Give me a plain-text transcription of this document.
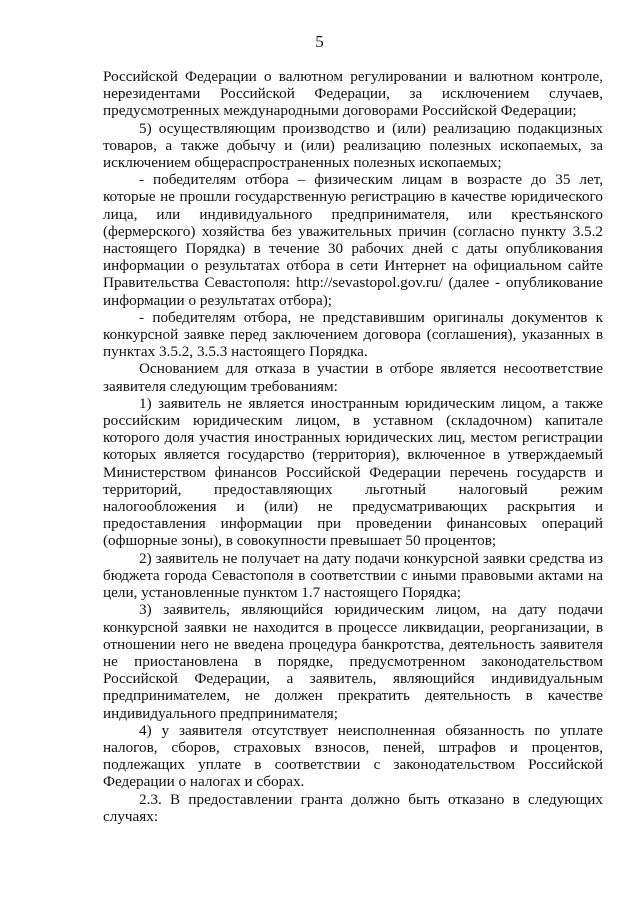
5

Российской Федерации о валютном регулировании и валютном контроле, нерезидентами Российской Федерации, за исключением случаев, предусмотренных международными договорами Российской Федерации;

5) осуществляющим производство и (или) реализацию подакцизных товаров, а также добычу и (или) реализацию полезных ископаемых, за исключением общераспространенных полезных ископаемых;

- победителям отбора – физическим лицам в возрасте до 35 лет, которые не прошли государственную регистрацию в качестве юридического лица, или индивидуального предпринимателя, или крестьянского (фермерского) хозяйства без уважительных причин (согласно пункту 3.5.2 настоящего Порядка) в течение 30 рабочих дней с даты опубликования информации о результатах отбора в сети Интернет на официальном сайте Правительства Севастополя: http://sevastopol.gov.ru/ (далее - опубликование информации о результатах отбора);

- победителям отбора, не представившим оригиналы документов к конкурсной заявке перед заключением договора (соглашения), указанных в пунктах 3.5.2, 3.5.3 настоящего Порядка.

Основанием для отказа в участии в отборе является несоответствие заявителя следующим требованиям:

1) заявитель не является иностранным юридическим лицом, а также российским юридическим лицом, в уставном (складочном) капитале которого доля участия иностранных юридических лиц, местом регистрации которых является государство (территория), включенное в утверждаемый Министерством финансов Российской Федерации перечень государств и территорий, предоставляющих льготный налоговый режим налогообложения и (или) не предусматривающих раскрытия и предоставления информации при проведении финансовых операций (офшорные зоны), в совокупности превышает 50 процентов;

2) заявитель не получает на дату подачи конкурсной заявки средства из бюджета города Севастополя в соответствии с иными правовыми актами на цели, установленные пунктом 1.7 настоящего Порядка;

3) заявитель, являющийся юридическим лицом, на дату подачи конкурсной заявки не находится в процессе ликвидации, реорганизации, в отношении него не введена процедура банкротства, деятельность заявителя не приостановлена в порядке, предусмотренном законодательством Российской Федерации, а заявитель, являющийся индивидуальным предпринимателем, не должен прекратить деятельность в качестве индивидуального предпринимателя;

4) у заявителя отсутствует неисполненная обязанность по уплате налогов, сборов, страховых взносов, пеней, штрафов и процентов, подлежащих уплате в соответствии с законодательством Российской Федерации о налогах и сборах.

2.3. В предоставлении гранта должно быть отказано в следующих случаях:
